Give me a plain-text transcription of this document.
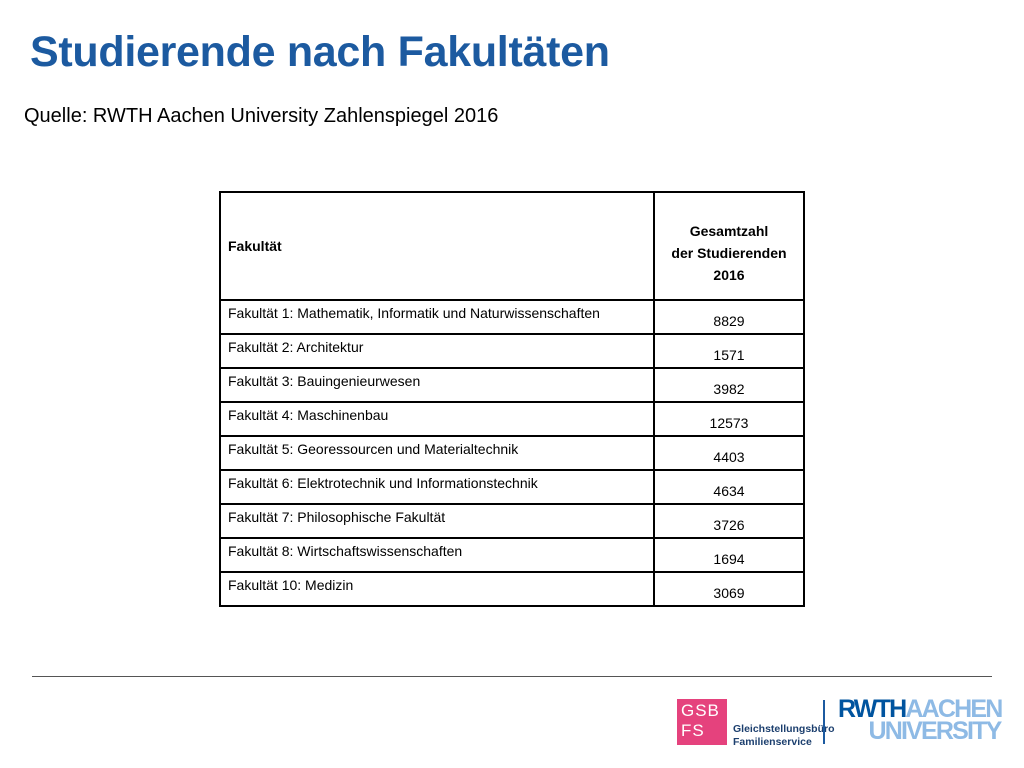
Studierende nach Fakultäten

Quelle: RWTH Aachen University Zahlenspiegel 2016

Fakultät	Gesamtzahl
der Studierenden
2016
Fakultät 1: Mathematik, Informatik und Naturwissenschaften	8829
Fakultät 2: Architektur	1571
Fakultät 3: Bauingenieurwesen	3982
Fakultät 4: Maschinenbau	12573
Fakultät 5: Georessourcen und Materialtechnik	4403
Fakultät 6: Elektrotechnik und Informationstechnik	4634
Fakultät 7: Philosophische Fakultät	3726
Fakultät 8: Wirtschaftswissenschaften	1694
Fakultät 10: Medizin	3069
GSB
FS	Gleichstellungsbüro
Familienservice
RWTHAACHEN
UNIVERSITY
